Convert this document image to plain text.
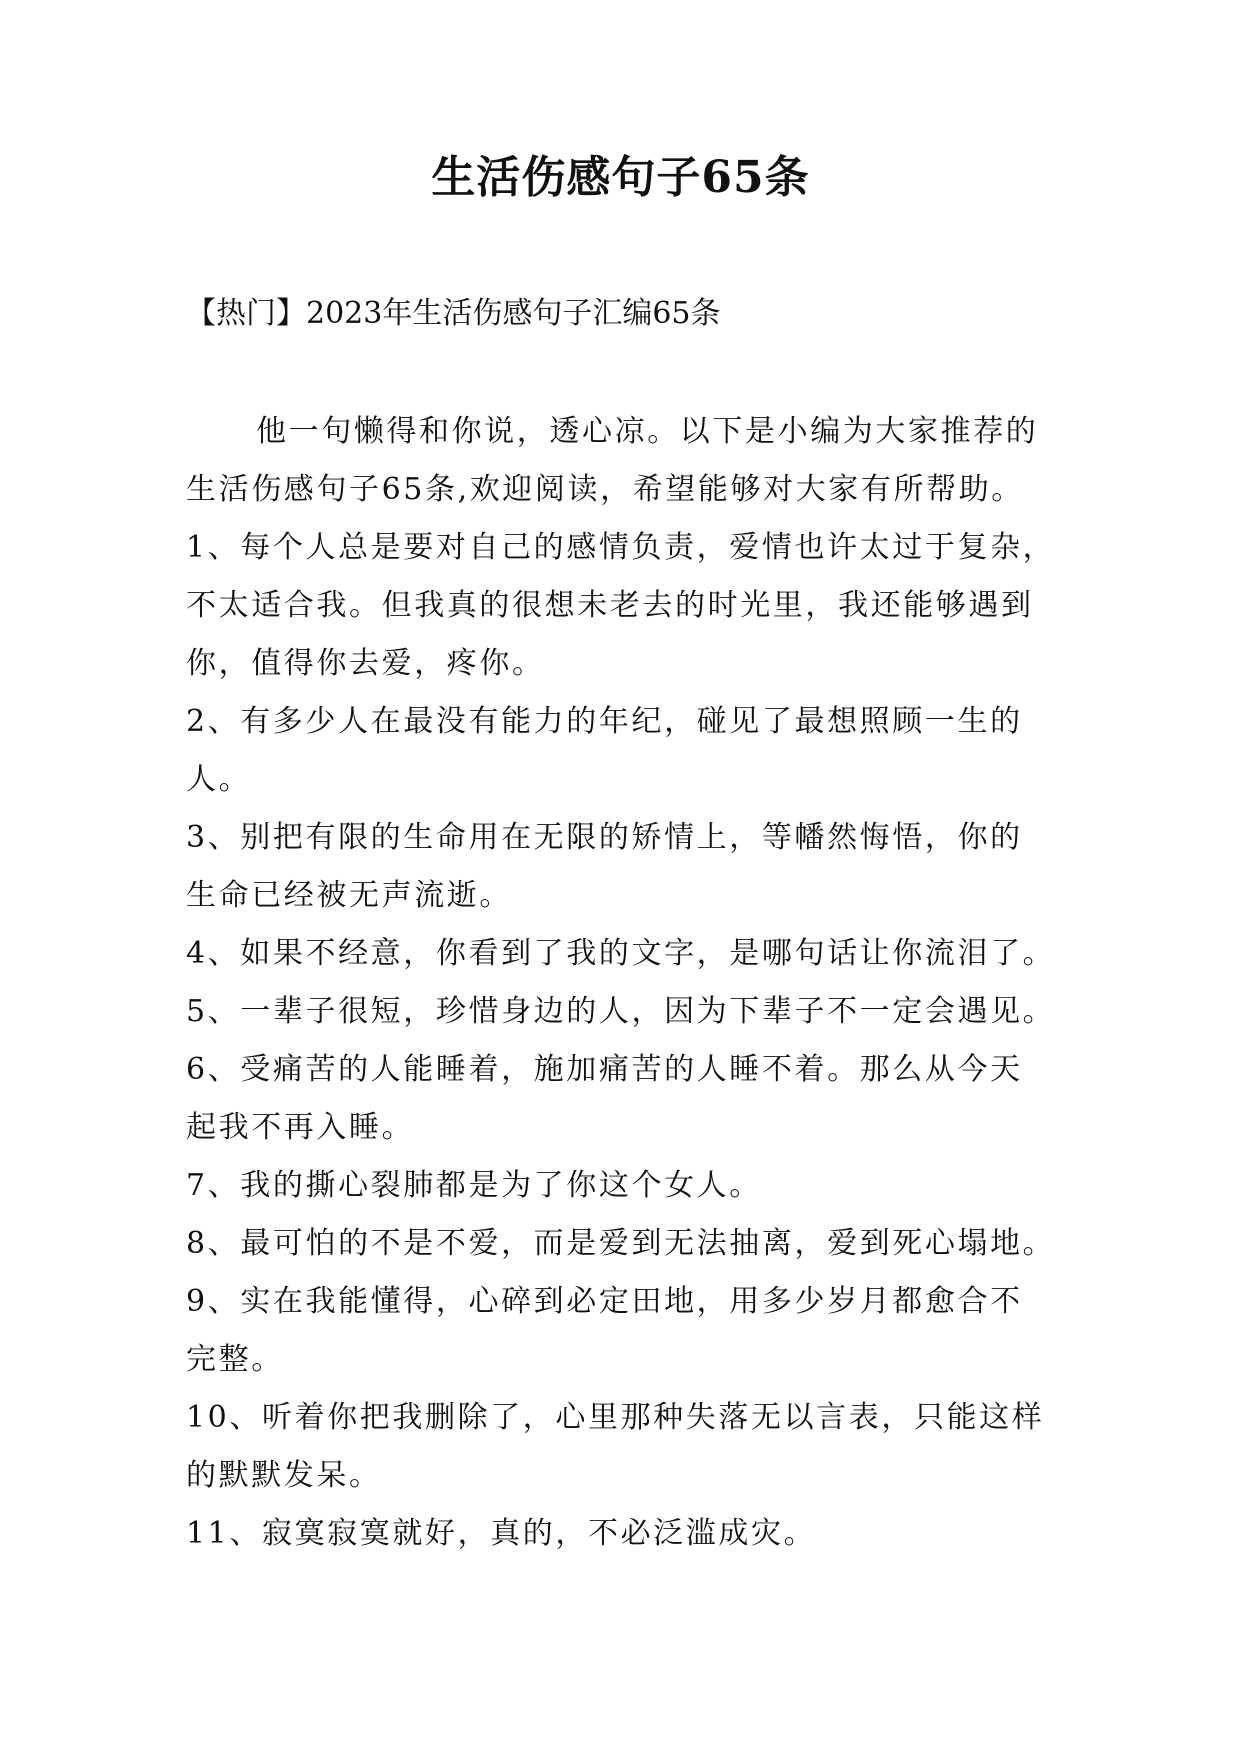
生活伤感句子65条
【热门】2023年生活伤感句子汇编65条
他一句懒得和你说，透心凉。以下是小编为大家推荐的
生活伤感句子65条,欢迎阅读，希望能够对大家有所帮助。
1、每个人总是要对自己的感情负责，爱情也许太过于复杂，
不太适合我。但我真的很想未老去的时光里，我还能够遇到
你，值得你去爱，疼你。
2、有多少人在最没有能力的年纪，碰见了最想照顾一生的
人。
3、别把有限的生命用在无限的矫情上，等幡然悔悟，你的
生命已经被无声流逝。
4、如果不经意，你看到了我的文字，是哪句话让你流泪了。
5、一辈子很短，珍惜身边的人，因为下辈子不一定会遇见。
6、受痛苦的人能睡着，施加痛苦的人睡不着。那么从今天
起我不再入睡。
7、我的撕心裂肺都是为了你这个女人。
8、最可怕的不是不爱，而是爱到无法抽离，爱到死心塌地。
9、实在我能懂得，心碎到必定田地，用多少岁月都愈合不
完整。
10、听着你把我删除了，心里那种失落无以言表，只能这样
的默默发呆。
11、寂寞寂寞就好，真的，不必泛滥成灾。
